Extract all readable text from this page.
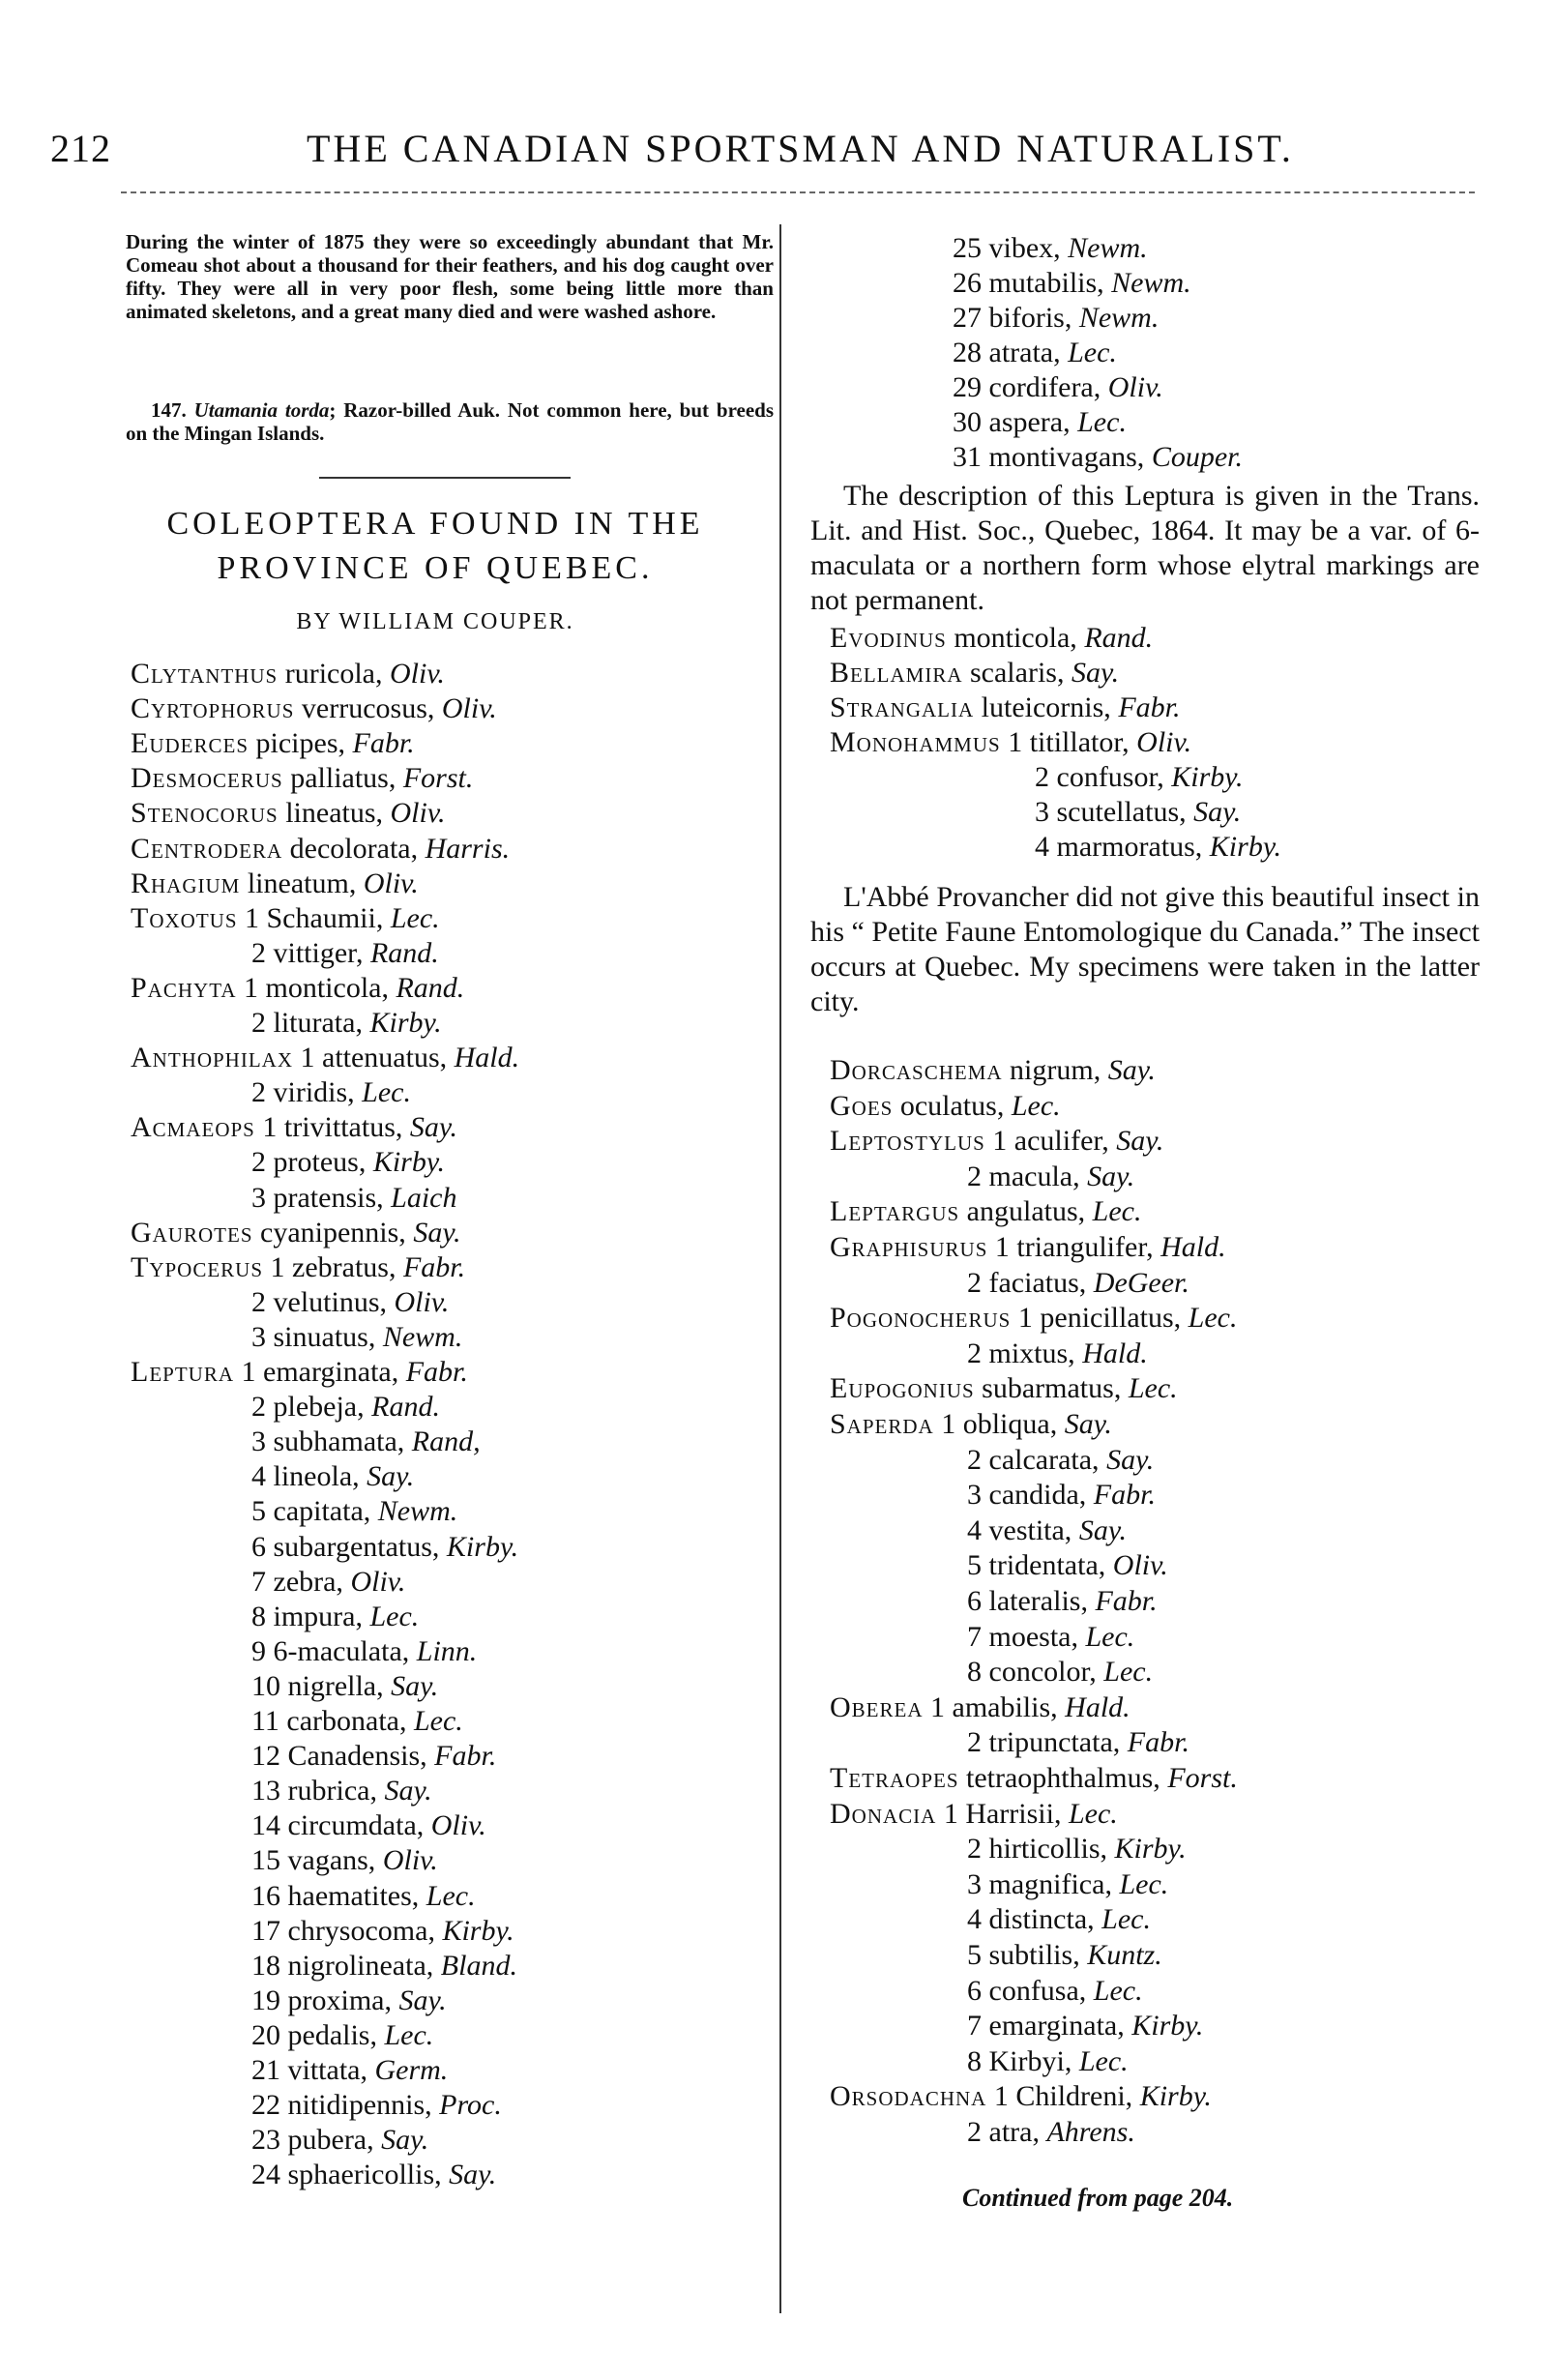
212	THE CANADIAN SPORTSMAN AND NATURALIST.
During the winter of 1875 they were so exceedingly abundant that Mr. Comeau shot about a thousand for their feathers, and his dog caught over fifty. They were all in very poor flesh, some being little more than animated skeletons, and a great many died and were washed ashore.
147. Utamania torda; Razor-billed Auk. Not common here, but breeds on the Mingan Islands.
COLEOPTERA FOUND IN THE
PROVINCE OF QUEBEC.
BY WILLIAM COUPER.
Clytanthus ruricola, Oliv.
Cyrtophorus verrucosus, Oliv.
Euderces picipes, Fabr.
Desmocerus palliatus, Forst.
Stenocorus lineatus, Oliv.
Centrodera decolorata, Harris.
Rhagium lineatum, Oliv.
Toxotus 1 Schaumii, Lec.
2 vittiger, Rand.
Pachyta 1 monticola, Rand.
2 liturata, Kirby.
Anthophilax 1 attenuatus, Hald.
2 viridis, Lec.
Acmaeops 1 trivittatus, Say.
2 proteus, Kirby.
3 pratensis, Laich
Gaurotes cyanipennis, Say.
Typocerus 1 zebratus, Fabr.
2 velutinus, Oliv.
3 sinuatus, Newm.
Leptura 1 emarginata, Fabr.
2 plebeja, Rand.
3 subhamata, Rand,
4 lineola, Say.
5 capitata, Newm.
6 subargentatus, Kirby.
7 zebra, Oliv.
8 impura, Lec.
9 6-maculata, Linn.
10 nigrella, Say.
11 carbonata, Lec.
12 Canadensis, Fabr.
13 rubrica, Say.
14 circumdata, Oliv.
15 vagans, Oliv.
16 haematites, Lec.
17 chrysocoma, Kirby.
18 nigrolineata, Bland.
19 proxima, Say.
20 pedalis, Lec.
21 vittata, Germ.
22 nitidipennis, Proc.
23 pubera, Say.
24 sphaericollis, Say.
25 vibex, Newm.
26 mutabilis, Newm.
27 biforis, Newm.
28 atrata, Lec.
29 cordifera, Oliv.
30 aspera, Lec.
31 montivagans, Couper.
The description of this Leptura is given in the Trans. Lit. and Hist. Soc., Quebec, 1864. It may be a var. of 6-maculata or a northern form whose elytral markings are not permanent.
Evodinus monticola, Rand.
Bellamira scalaris, Say.
Strangalia luteicornis, Fabr.
Monohammus 1 titillator, Oliv.
2 confusor, Kirby.
3 scutellatus, Say.
4 marmoratus, Kirby.
L'Abbé Provancher did not give this beautiful insect in his “ Petite Faune Entomologique du Canada.” The insect occurs at Quebec. My specimens were taken in the latter city.
Dorcaschema nigrum, Say.
Goes oculatus, Lec.
Leptostylus 1 aculifer, Say.
2 macula, Say.
Leptargus angulatus, Lec.
Graphisurus 1 triangulifer, Hald.
2 faciatus, DeGeer.
Pogonocherus 1 penicillatus, Lec.
2 mixtus, Hald.
Eupogonius subarmatus, Lec.
Saperda 1 obliqua, Say.
2 calcarata, Say.
3 candida, Fabr.
4 vestita, Say.
5 tridentata, Oliv.
6 lateralis, Fabr.
7 moesta, Lec.
8 concolor, Lec.
Oberea 1 amabilis, Hald.
2 tripunctata, Fabr.
Tetraopes tetraophthalmus, Forst.
Donacia 1 Harrisii, Lec.
2 hirticollis, Kirby.
3 magnifica, Lec.
4 distincta, Lec.
5 subtilis, Kuntz.
6 confusa, Lec.
7 emarginata, Kirby.
8 Kirbyi, Lec.
Orsodachna 1 Childreni, Kirby.
2 atra, Ahrens.
Continued from page 204.
